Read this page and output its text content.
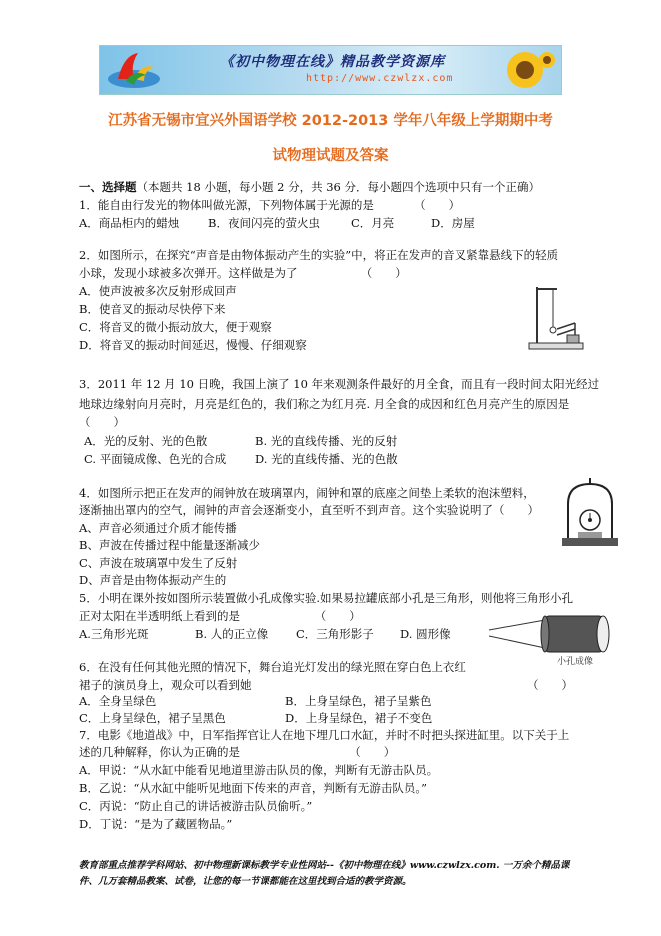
《初中物理在线》精品教学资源库
http://www.czwlzx.com
江苏省无锡市宜兴外国语学校 2012-2013 学年八年级上学期期中考
试物理试题及答案
一、选择题（本题共 18 小题，每小题 2 分，共 36 分．每小题四个选项中只有一个正确）
1．能自由行发光的物体叫做光源，下列物体属于光源的是　　　　（　　）
A．商品柜内的蜡烛 B．夜间闪亮的萤火虫	C．月亮	D．房屋
2．如图所示，在探究“声音是由物体振动产生的实验”中，将正在发声的音叉紧靠悬线下的轻质
小球，发现小球被多次弹开。这样做是为了　　　　　　（　　）
A．使声波被多次反射形成回声
B．使音叉的振动尽快停下来
C．将音叉的微小振动放大，便于观察
D．将音叉的振动时间延迟，慢慢、仔细观察
3．2011 年 12 月 10 日晚，我国上演了 10 年来观测条件最好的月全食，而且有一段时间太阳光经过
地球边缘射向月亮时，月亮是红色的，我们称之为红月亮. 月全食的成因和红色月亮产生的原因是
（　　）
A．光的反射、光的色散	B. 光的直线传播、光的反射
C. 平面镜成像、色光的合成	D. 光的直线传播、光的色散
4．如图所示把正在发声的闹钟放在玻璃罩内，闹钟和罩的底座之间垫上柔软的泡沫塑料，
逐渐抽出罩内的空气，闹钟的声音会逐渐变小，直至听不到声音。这个实验说明了（　　）
A、声音必须通过介质才能传播
B、声波在传播过程中能量逐渐减少
C、声波在玻璃罩中发生了反射
D、声音是由物体振动产生的
5．小明在课外按如图所示装置做小孔成像实验.如果易拉罐底部小孔是三角形，则他将三角形小孔
正对太阳在半透明纸上看到的是　　　　　　　（　　）
A.三角形光斑	B. 人的正立像 C．三角形影子 D. 圆形像
小孔成像
6．在没有任何其他光照的情况下，舞台追光灯发出的绿光照在穿白色上衣红
裙子的演员身上，观众可以看到她	（　　）
A．全身呈绿色	B．上身呈绿色，裙子呈紫色
C．上身呈绿色，裙子呈黑色	D．上身呈绿色，裙子不变色
7．电影《地道战》中，日军指挥官让人在地下埋几口水缸，并时不时把头探进缸里。以下关于上
述的几种解释，你认为正确的是　　　　　　　　　　（　　）
A．甲说：“从水缸中能看见地道里游击队员的像，判断有无游击队员。
B．乙说：“从水缸中能听见地面下传来的声音，判断有无游击队员。”
C．丙说：“防止自己的讲话被游击队员偷听。”
D．丁说：“是为了藏匿物品。”
教育部重点推荐学科网站、初中物理新课标教学专业性网站--《初中物理在线》www.czwlzx.com. 一万余个精品课
件、几万套精品教案、试卷，让您的每一节课都能在这里找到合适的教学资源。
